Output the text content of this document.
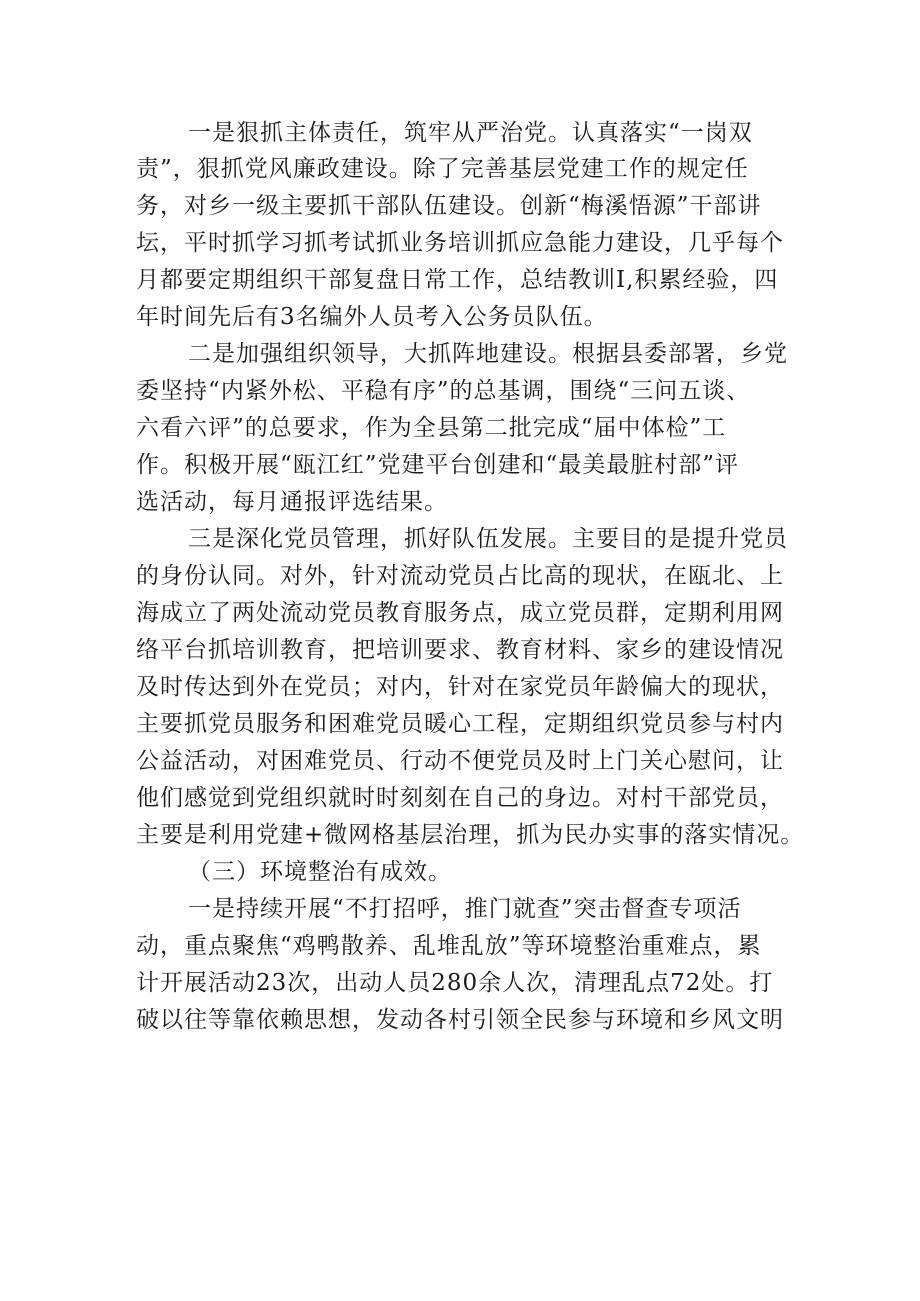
一是狠抓主体责任，筑牢从严治党。认真落实“一岗双
责”，狠抓党风廉政建设。除了完善基层党建工作的规定任
务，对乡一级主要抓干部队伍建设。创新“梅溪悟源”干部讲
坛，平时抓学习抓考试抓业务培训抓应急能力建设，几乎每个
月都要定期组织干部复盘日常工作，总结教训I,积累经验，四
年时间先后有3名编外人员考入公务员队伍。
二是加强组织领导，大抓阵地建设。根据县委部署，乡党
委坚持“内紧外松、平稳有序”的总基调，围绕“三问五谈、
六看六评”的总要求，作为全县第二批完成“届中体检”工
作。积极开展“瓯江红”党建平台创建和“最美最脏村部”评
选活动，每月通报评选结果。
三是深化党员管理，抓好队伍发展。主要目的是提升党员
的身份认同。对外，针对流动党员占比高的现状，在瓯北、上
海成立了两处流动党员教育服务点，成立党员群，定期利用网
络平台抓培训教育，把培训要求、教育材料、家乡的建设情况
及时传达到外在党员；对内，针对在家党员年龄偏大的现状，
主要抓党员服务和困难党员暖心工程，定期组织党员参与村内
公益活动，对困难党员、行动不便党员及时上门关心慰问，让
他们感觉到党组织就时时刻刻在自己的身边。对村干部党员，
主要是利用党建+微网格基层治理，抓为民办实事的落实情况。
（三）环境整治有成效。
一是持续开展“不打招呼，推门就查”突击督查专项活
动，重点聚焦“鸡鸭散养、乱堆乱放”等环境整治重难点，累
计开展活动23次，出动人员280余人次，清理乱点72处。打
破以往等靠依赖思想，发动各村引领全民参与环境和乡风文明
